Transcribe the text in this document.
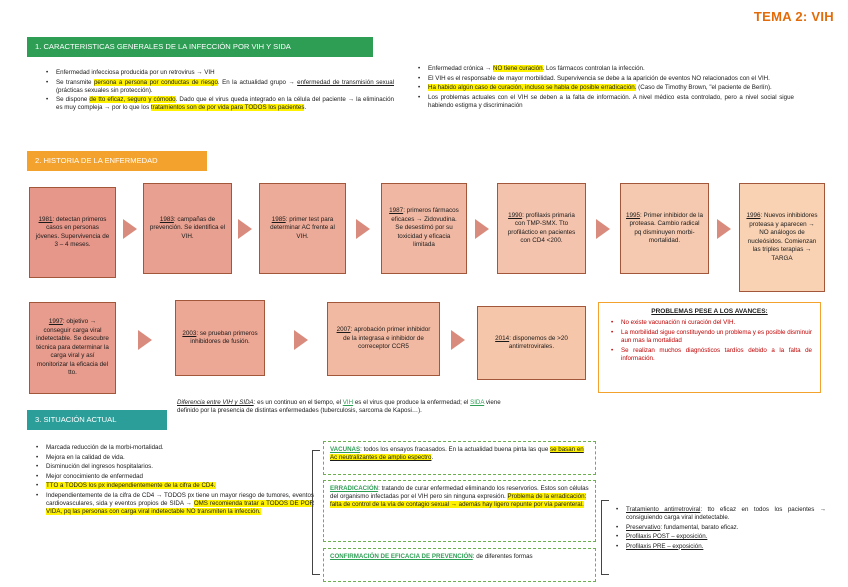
TEMA 2: VIH
1. CARACTERISTICAS GENERALES DE LA INFECCIÓN POR VIH Y SIDA
• Enfermedad infecciosa producida por un retrovirus → VIH
• Se transmite persona a persona por conductas de riesgo. En la actualidad grupo → enfermedad de transmisión sexual (prácticas sexuales sin protección).
• Se dispone de tto eficaz, seguro y cómodo. Dado que el virus queda integrado en la célula del paciente → la eliminación es muy compleja → por lo que los tratamientos son de por vida para TODOS los pacientes.
• Enfermedad crónica → NO tiene curación. Los fármacos controlan la infección.
• El VIH es el responsable de mayor morbilidad. Supervivencia se debe a la aparición de eventos NO relacionados con el VIH.
• Ha habido algún caso de curación, incluso se habla de posible erradicación. (Caso de Timothy Brown, "el paciente de Berlín).
• Los problemas actuales con el VIH se deben a la falta de información. A nivel médico esta controlado, pero a nivel social sigue habiendo estigma y discriminación
2. HISTORIA DE LA ENFERMEDAD
1981: detectan primeros casos en personas jóvenes. Supervivencia de 3 – 4 meses.
1983: campañas de prevención. Se identifica el VIH.
1985: primer test para determinar AC frente al VIH.
1987: primeros fármacos eficaces → Zidovudina. Se desestimó por su toxicidad y eficacia limitada
1990: profilaxis primaria con TMP-SMX. Tto profiláctico en pacientes con CD4 <200.
1995: Primer inhibidor de la proteasa. Cambio radical pq disminuyen morbi-mortalidad.
1996: Nuevos inhibidores proteasa y aparecen → NO análogos de nucleósidos. Comienzan las triples terapias → TARGA
1997: objetivo → conseguir carga viral indetectable. Se descubre técnica para determinar la carga viral y así monitorizar la eficacia del tto.
2003: se prueban primeros inhibidores de fusión.
2007: aprobación primer inhibidor de la integrasa e inhibidor de correceptor CCR5
2014: disponemos de >20 antirretrovirales.
PROBLEMAS PESE A LOS AVANCES:
• No existe vacunación ni curación del VIH.
• La morbilidad sigue constituyendo un problema y es posible disminuir aun mas la mortalidad
• Se realizan muchos diagnósticos tardíos debido a la falta de información.
3. SITUACIÓN ACTUAL
Diferencia entre VIH y SIDA: es un continuo en el tiempo, el VIH es el virus que produce la enfermedad; el SIDA viene definido por la presencia de distintas enfermedades (tuberculosis, sarcoma de Kaposi…).
• Marcada reducción de la morbi-mortalidad.
• Mejora en la calidad de vida.
• Disminución del ingresos hospitalarios.
• Mejor conocimiento de enfermedad
• TTO a TODOS los px independientemente de la cifra de CD4.
• Independientemente de la cifra de CD4 → TODOS px tiene un mayor riesgo de tumores, eventos cardiovasculares, sida y eventos propios de SIDA → OMS recomienda tratar a TODOS DE POR VIDA, pq las personas con carga viral indetectable NO transmiten la infección.
VACUNAS: todos los ensayos fracasados. En la actualidad buena pinta las que se basan en Ac neutralizantes de amplio espectro.
ERRADICACIÓN: tratando de curar enfermedad eliminando los reservorios. Estos son células del organismo infectadas por el VIH pero sin ninguna expresión. Problema de la erradicación: falta de control de la vía de contagio sexual → además hay ligero repunte por vía parenteral.
CONFIRMACIÓN DE EFICACIA DE PREVENCIÓN: de diferentes formas
• Tratamiento antirretroviral: tto eficaz en todos los pacientes → consiguiendo carga viral indetectable.
• Preservativo: fundamental, barato eficaz.
• Profilaxis POST – exposición.
• Profilaxis PRE – exposición.
